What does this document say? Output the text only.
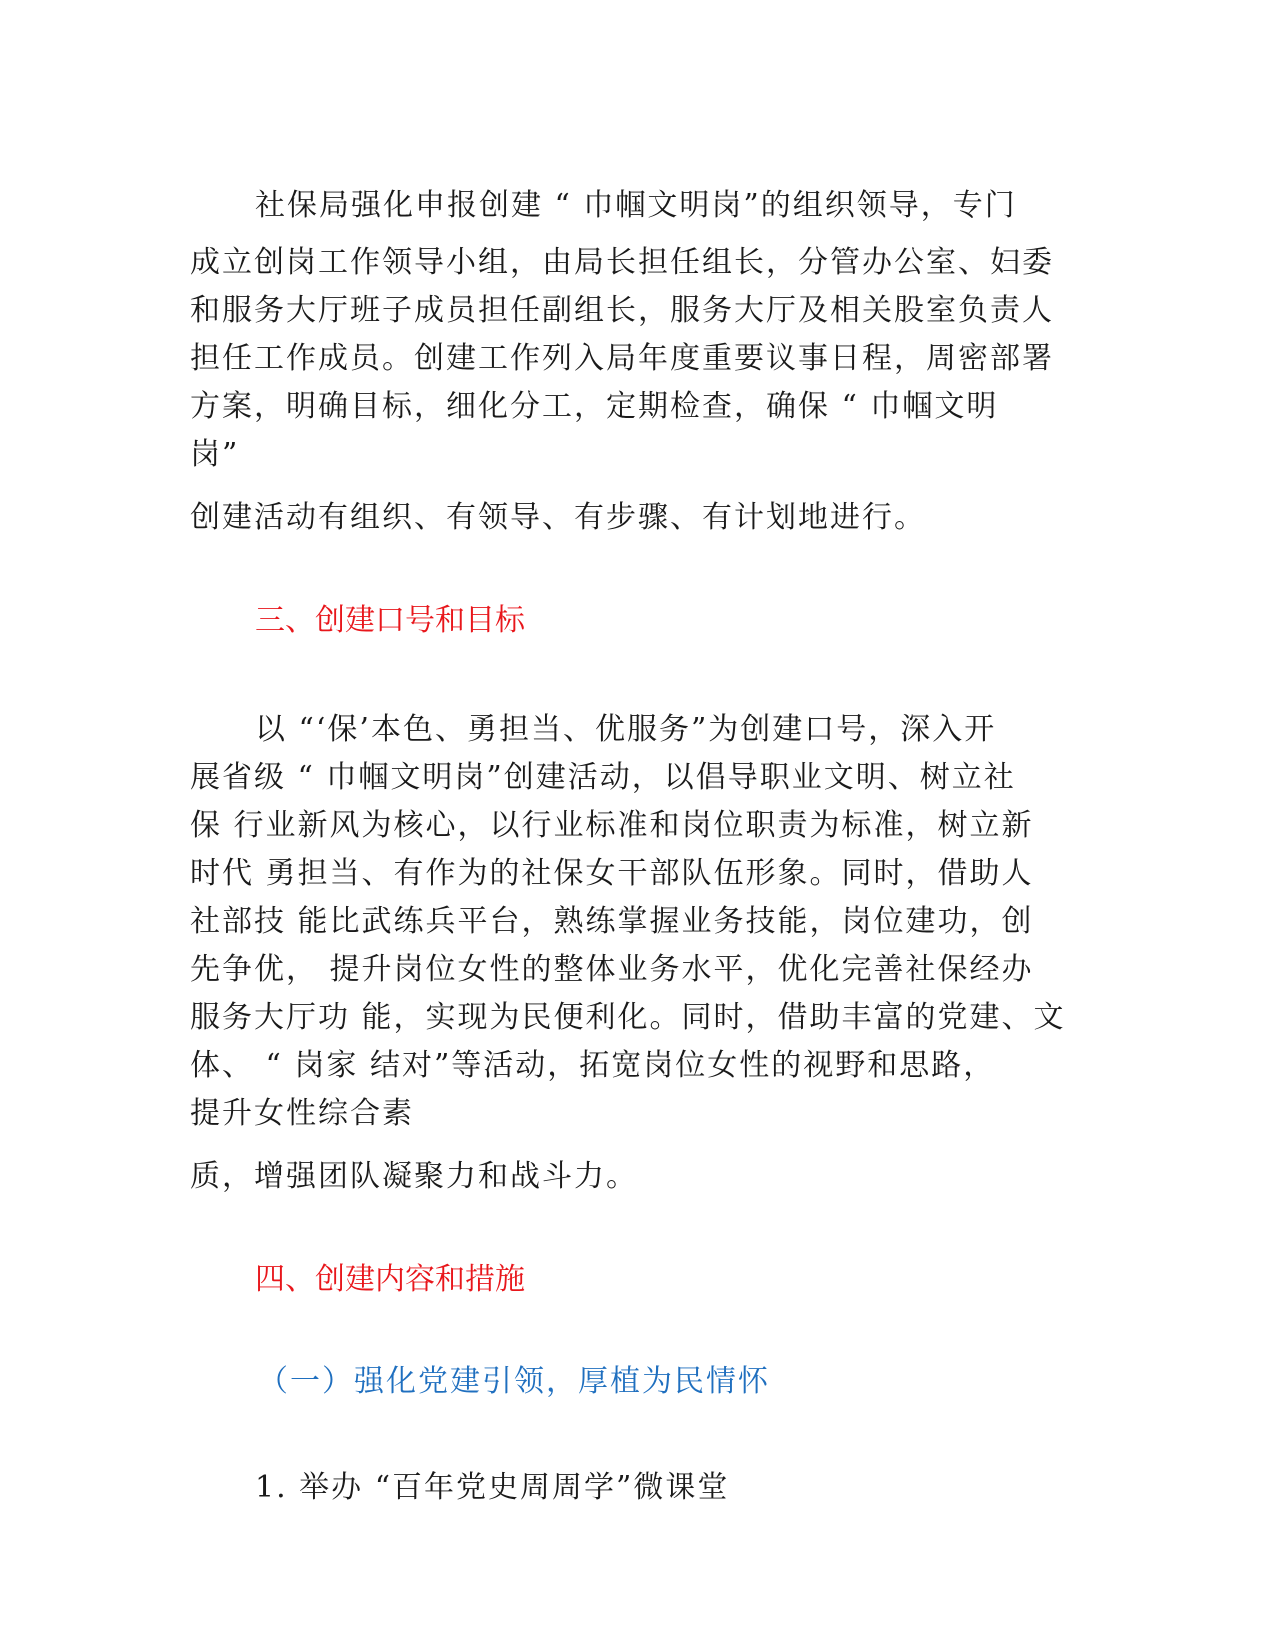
社保局强化申报创建 “ 巾帼文明岗”的组织领导，专门
成立创岗工作领导小组，由局长担任组长，分管办公室、妇委
和服务大厅班子成员担任副组长，服务大厅及相关股室负责人
担任工作成员。创建工作列入局年度重要议事日程，周密部署
方案，明确目标，细化分工，定期检查，确保 “ 巾帼文明
岗”
创建活动有组织、有领导、有步骤、有计划地进行。
三、创建口号和目标
以 “‘保’本色、勇担当、优服务”为创建口号，深入开
展省级 “ 巾帼文明岗”创建活动，以倡导职业文明、树立社
保 行业新风为核心，以行业标准和岗位职责为标准，树立新
时代 勇担当、有作为的社保女干部队伍形象。同时，借助人
社部技 能比武练兵平台，熟练掌握业务技能，岗位建功，创
先争优， 提升岗位女性的整体业务水平，优化完善社保经办
服务大厅功 能，实现为民便利化。同时，借助丰富的党建、文
体、 “ 岗家 结对”等活动，拓宽岗位女性的视野和思路，
提升女性综合素
质，增强团队凝聚力和战斗力。
四、创建内容和措施
（一）强化党建引领，厚植为民情怀
1. 举办 “百年党史周周学”微课堂
